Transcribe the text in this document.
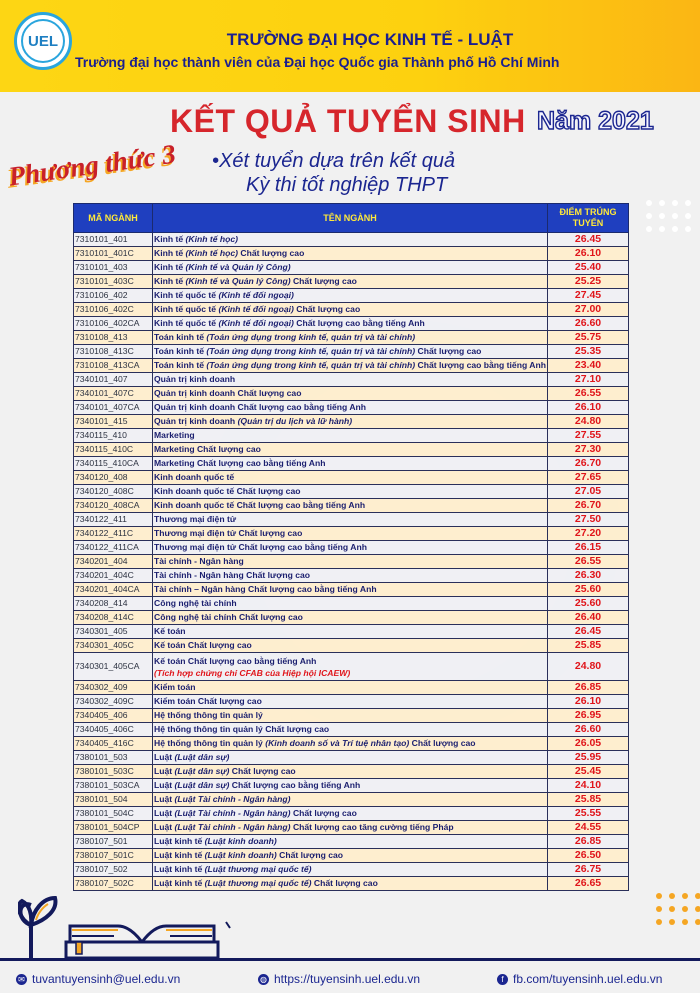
UEL	TRƯỜNG ĐẠI HỌC KINH TẾ - LUẬT
Trường đại học thành viên của Đại học Quốc gia Thành phố Hồ Chí Minh
KẾT QUẢ TUYỂN SINH Năm 2021
Phương thức 3 •Xét tuyển dựa trên kết quả
Kỳ thi tốt nghiệp THPT
MÃ NGÀNH	TÊN NGÀNH	ĐIỂM TRÚNG TUYỂN
7310101_401	Kinh tế (Kinh tế học)	26.45
7310101_401C	Kinh tế (Kinh tế học) Chất lượng cao	26.10
7310101_403	Kinh tế (Kinh tế và Quản lý Công)	25.40
7310101_403C	Kinh tế (Kinh tế và Quản lý Công) Chất lượng cao	25.25
7310106_402	Kinh tế quốc tế (Kinh tế đối ngoại)	27.45
7310106_402C	Kinh tế quốc tế (Kinh tế đối ngoại) Chất lượng cao	27.00
7310106_402CA	Kinh tế quốc tế (Kinh tế đối ngoại) Chất lượng cao bằng tiếng Anh	26.60
7310108_413	Toán kinh tế (Toán ứng dụng trong kinh tế, quản trị và tài chính)	25.75
7310108_413C	Toán kinh tế (Toán ứng dụng trong kinh tế, quản trị và tài chính) Chất lượng cao	25.35
7310108_413CA	Toán kinh tế (Toán ứng dụng trong kinh tế, quản trị và tài chính) Chất lượng cao bằng tiếng Anh	23.40
7340101_407	Quản trị kinh doanh	27.10
7340101_407C	Quản trị kinh doanh Chất lượng cao	26.55
7340101_407CA	Quản trị kinh doanh Chất lượng cao bằng tiếng Anh	26.10
7340101_415	Quản trị kinh doanh (Quản trị du lịch và lữ hành)	24.80
7340115_410	Marketing	27.55
7340115_410C	Marketing Chất lượng cao	27.30
7340115_410CA	Marketing Chất lượng cao bằng tiếng Anh	26.70
7340120_408	Kinh doanh quốc tế	27.65
7340120_408C	Kinh doanh quốc tế Chất lượng cao	27.05
7340120_408CA	Kinh doanh quốc tế Chất lượng cao bằng tiếng Anh	26.70
7340122_411	Thương mại điện tử	27.50
7340122_411C	Thương mại điện tử Chất lượng cao	27.20
7340122_411CA	Thương mại điện tử Chất lượng cao bằng tiếng Anh	26.15
7340201_404	Tài chính - Ngân hàng	26.55
7340201_404C	Tài chính - Ngân hàng Chất lượng cao	26.30
7340201_404CA	Tài chính – Ngân hàng Chất lượng cao bằng tiếng Anh	25.60
7340208_414	Công nghệ tài chính	25.60
7340208_414C	Công nghệ tài chính Chất lượng cao	26.40
7340301_405	Kế toán	26.45
7340301_405C	Kế toán Chất lượng cao	25.85
7340301_405CA	Kế toán Chất lượng cao bằng tiếng Anh
(Tích hợp chứng chỉ CFAB của Hiệp hội ICAEW)	24.80
7340302_409	Kiểm toán	26.85
7340302_409C	Kiểm toán Chất lượng cao	26.10
7340405_406	Hệ thống thông tin quản lý	26.95
7340405_406C	Hệ thống thông tin quản lý Chất lượng cao	26.60
7340405_416C	Hệ thống thông tin quản lý (Kinh doanh số và Trí tuệ nhân tạo) Chất lượng cao	26.05
7380101_503	Luật (Luật dân sự)	25.95
7380101_503C	Luật (Luật dân sự) Chất lượng cao	25.45
7380101_503CA	Luật (Luật dân sự) Chất lượng cao bằng tiếng Anh	24.10
7380101_504	Luật (Luật Tài chính - Ngân hàng)	25.85
7380101_504C	Luật (Luật Tài chính - Ngân hàng) Chất lượng cao	25.55
7380101_504CP	Luật (Luật Tài chính - Ngân hàng) Chất lượng cao tăng cường tiếng Pháp	24.55
7380107_501	Luật kinh tế (Luật kinh doanh)	26.85
7380107_501C	Luật kinh tế (Luật kinh doanh) Chất lượng cao	26.50
7380107_502	Luật kinh tế (Luật thương mại quốc tế)	26.75
7380107_502C	Luật kinh tế (Luật thương mại quốc tế) Chất lượng cao	26.65
✉ tuvantuyensinh@uel.edu.vn	◍ https://tuyensinh.uel.edu.vn	f fb.com/tuyensinh.uel.edu.vn
